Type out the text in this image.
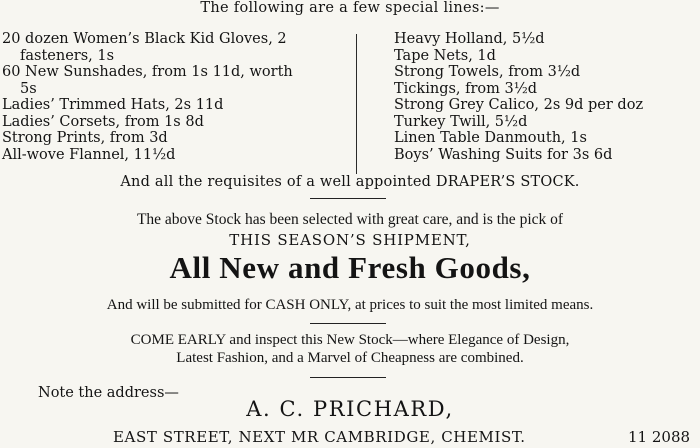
The following are a few special lines:—
20 dozen Women’s Black Kid Gloves, 2
fasteners, 1s
60 New Sunshades, from 1s 11d, worth
5s
Ladies’ Trimmed Hats, 2s 11d
Ladies’ Corsets, from 1s 8d
Strong Prints, from 3d
All-wove Flannel, 11½d
Heavy Holland, 5½d
Tape Nets, 1d
Strong Towels, from 3½d
Tickings, from 3½d
Strong Grey Calico, 2s 9d per doz
Turkey Twill, 5½d
Linen Table Danmouth, 1s
Boys’ Washing Suits for 3s 6d
And all the requisites of a well appointed DRAPER’S STOCK.
The above Stock has been selected with great care, and is the pick of
THIS SEASON’S SHIPMENT,
All New and Fresh Goods,
And will be submitted for CASH ONLY, at prices to suit the most limited means.
COME EARLY and inspect this New Stock—where Elegance of Design,
Latest Fashion, and a Marvel of Cheapness are combined.
Note the address—
A. C. PRICHARD,
EAST STREET, NEXT MR CAMBRIDGE, CHEMIST.	11 2088
